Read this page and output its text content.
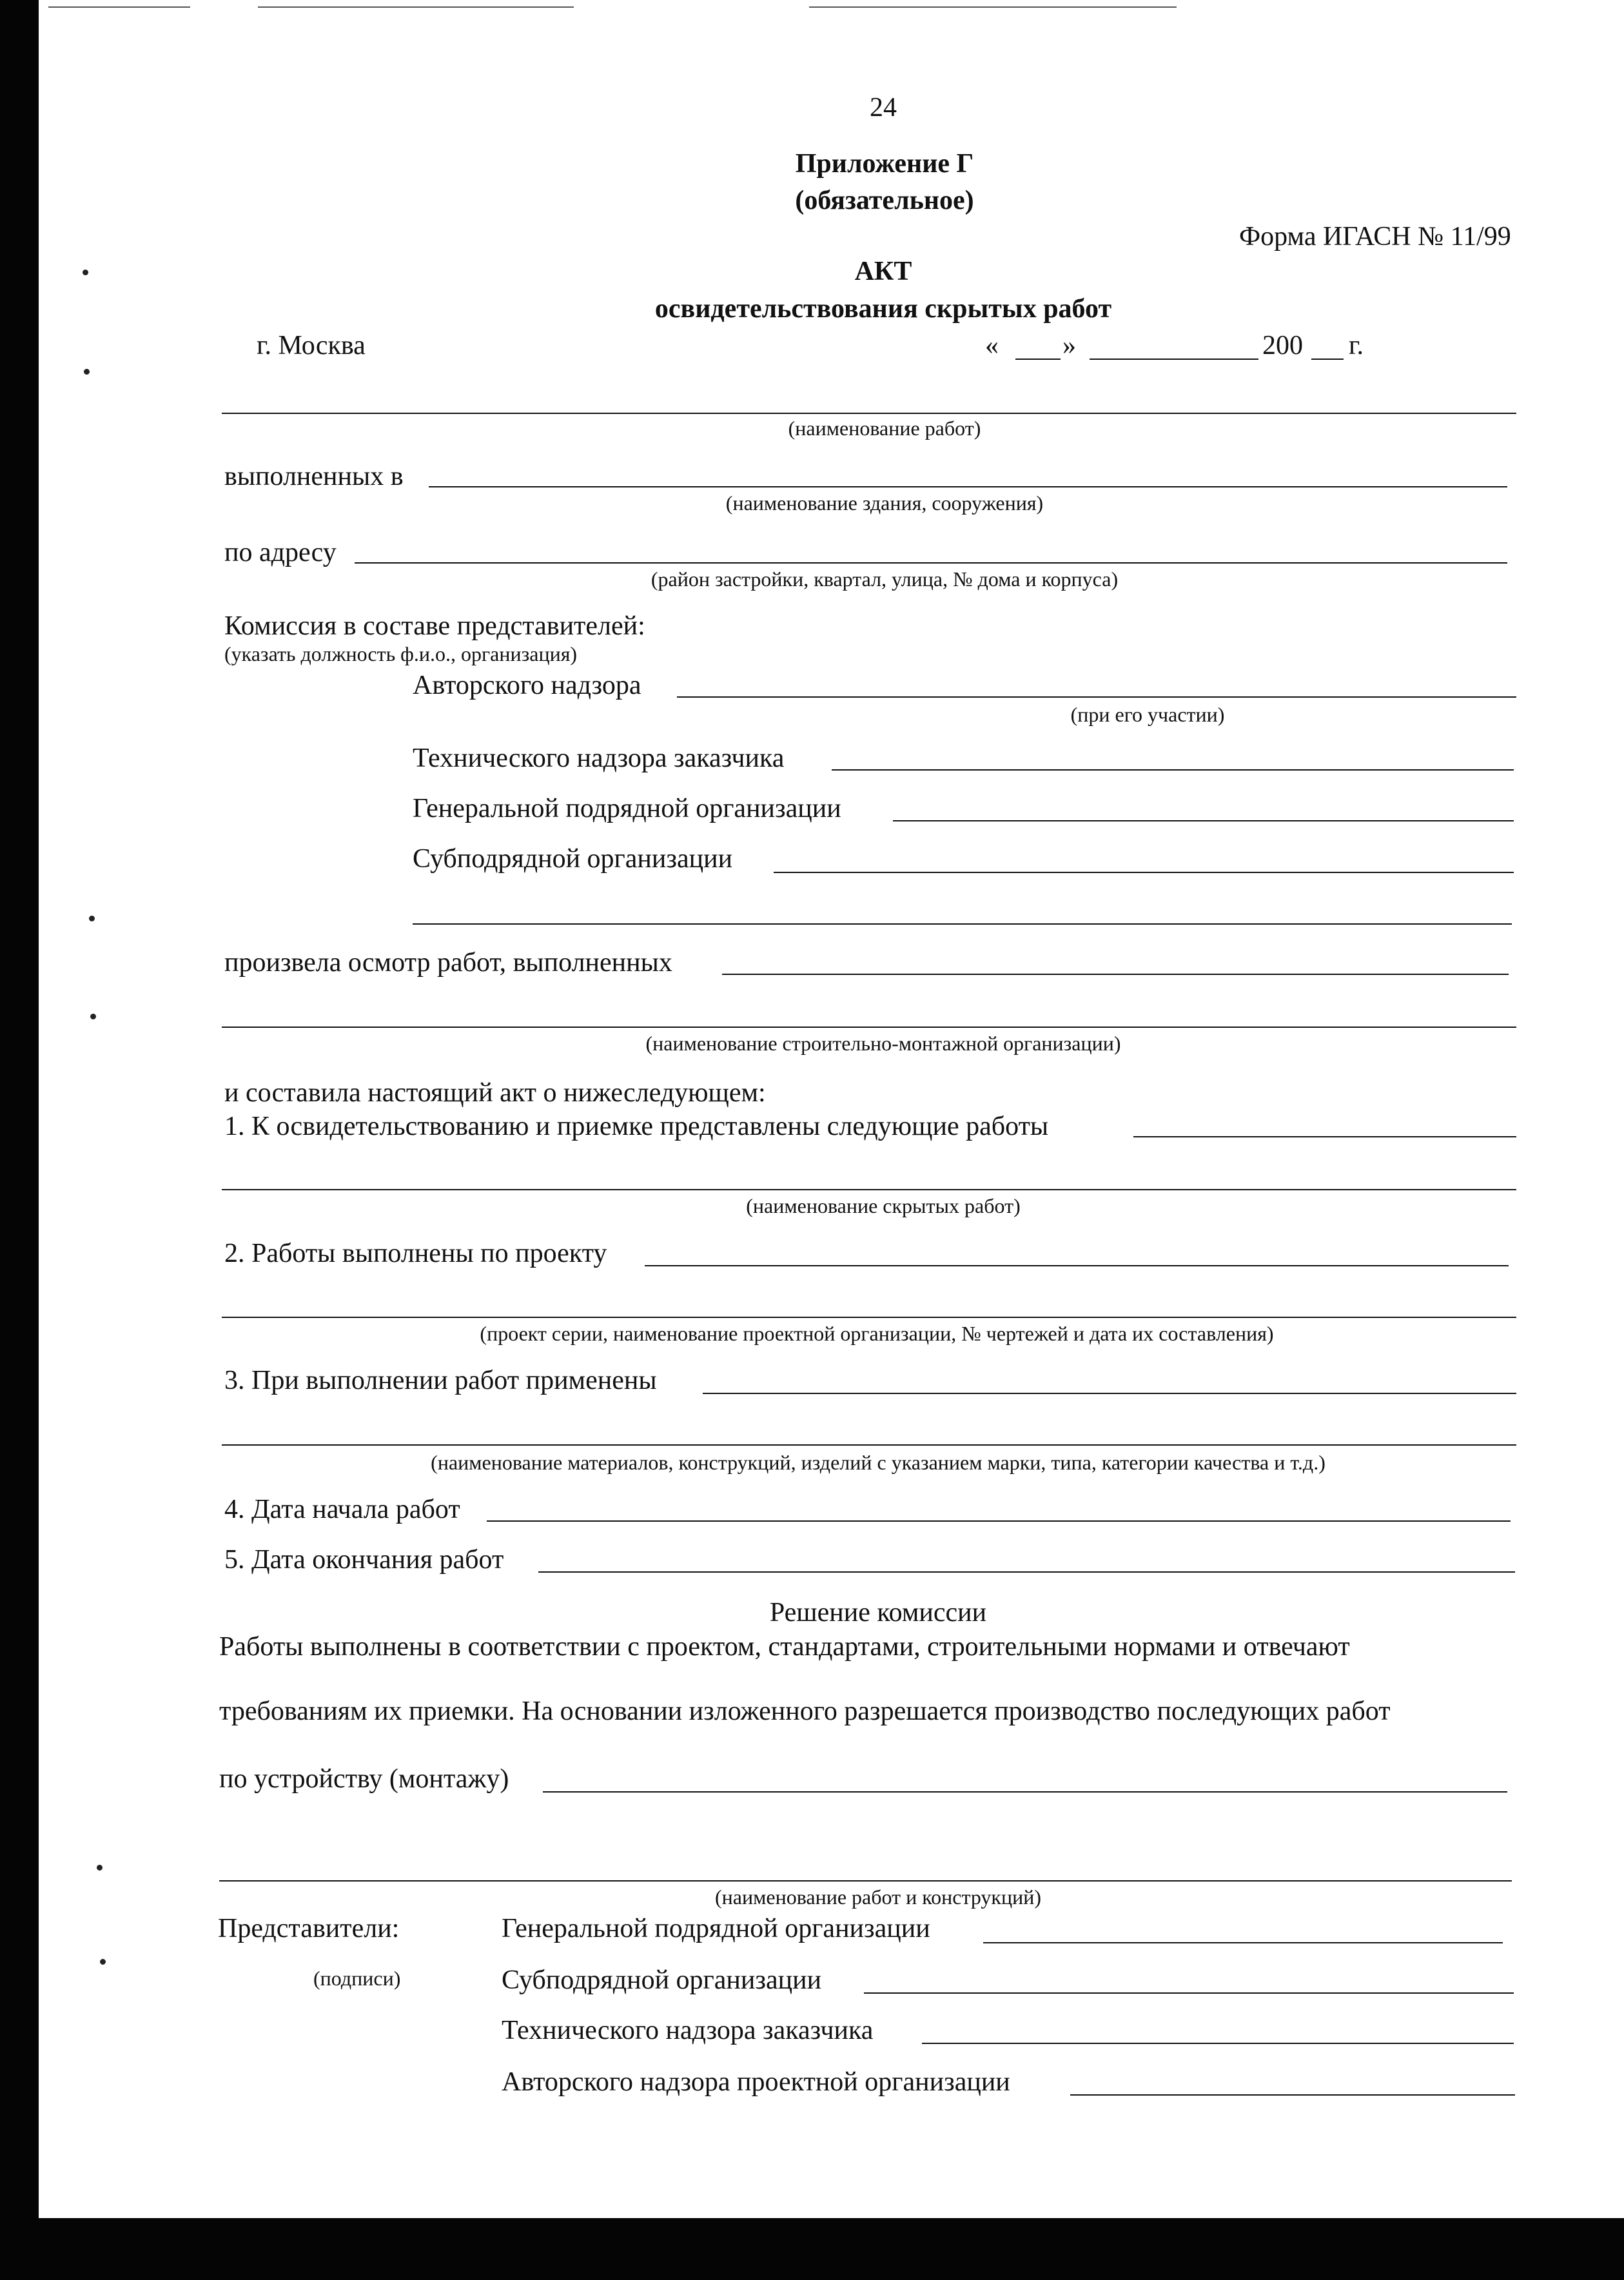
24
Приложение Г
(обязательное)
Форма ИГАСН № 11/99
АКТ
освидетельствования скрытых работ
г. Москва	« »	200 г.
(наименование работ)
выполненных в
(наименование здания, сооружения)
по адресу
(район застройки, квартал, улица, № дома и корпуса)
Комиссия в составе представителей:
(указать должность ф.и.о., организация)
Авторского надзора
(при его участии)
Технического надзора заказчика
Генеральной подрядной организации
Субподрядной организации
произвела осмотр работ, выполненных
(наименование строительно-монтажной организации)
и составила настоящий акт о нижеследующем:
1. К освидетельствованию и приемке представлены следующие работы
(наименование скрытых работ)
2. Работы выполнены по проекту
(проект серии, наименование проектной организации, № чертежей и дата их составления)
3. При выполнении работ применены
(наименование материалов, конструкций, изделий с указанием марки, типа, категории качества и т.д.)
4. Дата начала работ
5. Дата окончания работ
Решение комиссии
Работы выполнены в соответствии с проектом, стандартами, строительными нормами и отвечают
требованиям их приемки. На основании изложенного разрешается производство последующих работ
по устройству (монтажу)
(наименование работ и конструкций)
Представители:
(подписи)
Генеральной подрядной организации
Субподрядной организации
Технического надзора заказчика
Авторского надзора проектной организации
